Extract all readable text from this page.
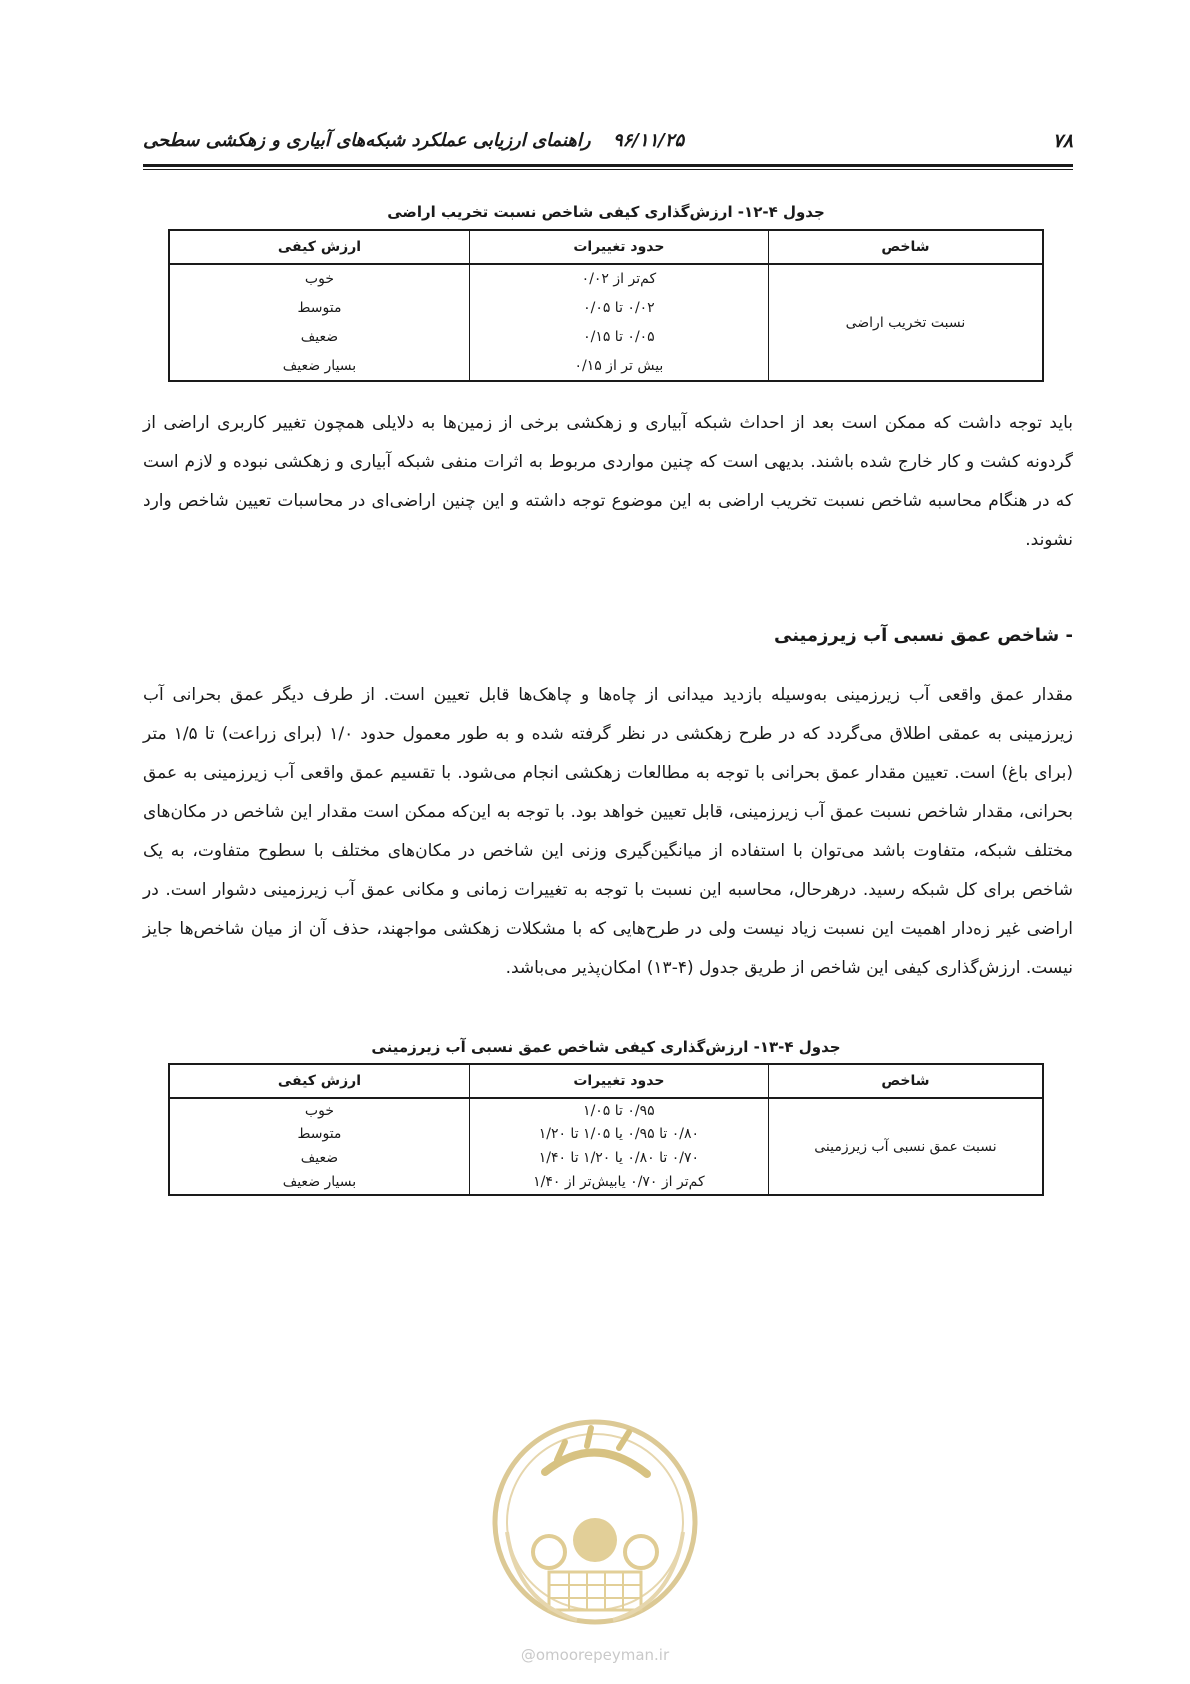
۷۸
۹۶/۱۱/۲۵
راهنمای ارزیابی عملکرد شبکه‌های آبیاری و زهکشی سطحی
جدول ۴-۱۲- ارزش‌گذاری کیفی شاخص نسبت تخریب اراضی
شاخص	حدود تغییرات	ارزش کیفی
نسبت تخریب اراضی	کم‌تر از ۰/۰۲	خوب
	۰/۰۲ تا ۰/۰۵	متوسط
	۰/۰۵ تا ۰/۱۵	ضعیف
	بیش تر از ۰/۱۵	بسیار ضعیف

باید توجه داشت که ممکن است بعد از احداث شبکه آبیاری و زهکشی برخی از زمین‌ها به دلایلی همچون تغییر کاربری اراضی از گردونه کشت و کار خارج شده باشند. بدیهی است که چنین مواردی مربوط به اثرات منفی شبکه آبیاری و زهکشی نبوده و لازم است که در هنگام محاسبه شاخص نسبت تخریب اراضی به این موضوع توجه داشته و این چنین اراضی‌ای در محاسبات تعیین شاخص وارد نشوند.

- شاخص عمق نسبی آب زیرزمینی

مقدار عمق واقعی آب زیرزمینی به‌وسیله بازدید میدانی از چاه‌ها و چاهک‌ها قابل تعیین است. از طرف دیگر عمق بحرانی آب زیرزمینی به عمقی اطلاق می‌گردد که در طرح زهکشی در نظر گرفته شده و به طور معمول حدود ۱/۰ (برای زراعت) تا ۱/۵ متر (برای باغ) است. تعیین مقدار عمق بحرانی با توجه به مطالعات زهکشی انجام می‌شود. با تقسیم عمق واقعی آب زیرزمینی به عمق بحرانی، مقدار شاخص نسبت عمق آب زیرزمینی، قابل تعیین خواهد بود. با توجه به این‌که ممکن است مقدار این شاخص در مکان‌های مختلف شبکه، متفاوت باشد می‌توان با استفاده از میانگین‌گیری وزنی این شاخص در مکان‌های مختلف با سطوح متفاوت، به یک شاخص برای کل شبکه رسید. درهرحال، محاسبه این نسبت با توجه به تغییرات زمانی و مکانی عمق آب زیرزمینی دشوار است. در اراضی غیر زه‌دار اهمیت این نسبت زیاد نیست ولی در طرح‌هایی که با مشکلات زهکشی مواجهند، حذف آن از میان شاخص‌ها جایز نیست. ارزش‌گذاری کیفی این شاخص از طریق جدول (۴-۱۳) امکان‌پذیر می‌باشد.

جدول ۴-۱۳- ارزش‌گذاری کیفی شاخص عمق نسبی آب زیرزمینی
شاخص	حدود تغییرات	ارزش کیفی
نسبت عمق نسبی آب زیرزمینی	۰/۹۵ تا ۱/۰۵	خوب
	۰/۸۰ تا ۰/۹۵ یا ۱/۰۵ تا ۱/۲۰	متوسط
	۰/۷۰ تا ۰/۸۰ یا ۱/۲۰ تا ۱/۴۰	ضعیف
	کم‌تر از ۰/۷۰ یابیش‌تر از ۱/۴۰	بسیار ضعیف
@omoorepeyman.ir
